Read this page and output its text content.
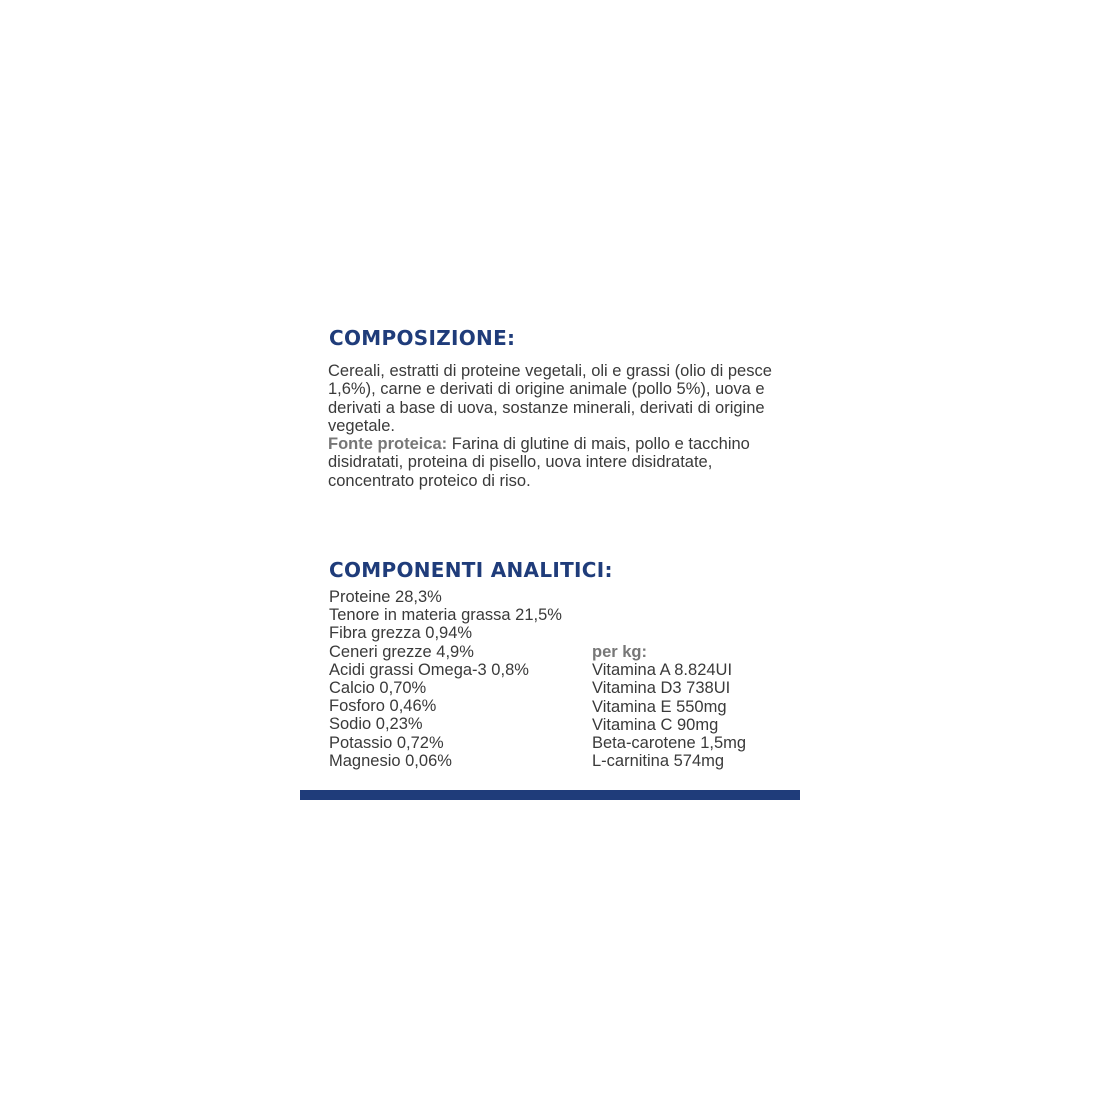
COMPOSIZIONE:

Cereali, estratti di proteine vegetali, oli e grassi (olio di pesce 1,6%), carne e derivati di origine animale (pollo 5%), uova e derivati a base di uova, sostanze minerali, derivati di origine vegetale.

Fonte proteica: Farina di glutine di mais, pollo e tacchino disidratati, proteina di pisello, uova intere disidratate, concentrato proteico di riso.

COMPONENTI ANALITICI:
Proteine 28,3%
Tenore in materia grassa 21,5%
Fibra grezza 0,94%
Ceneri grezze 4,9%
Acidi grassi Omega-3 0,8%
Calcio 0,70%
Fosforo 0,46%
Sodio 0,23%
Potassio 0,72%
Magnesio 0,06%
per kg:
Vitamina A 8.824UI
Vitamina D3 738UI
Vitamina E 550mg
Vitamina C 90mg
Beta-carotene 1,5mg
L-carnitina 574mg
